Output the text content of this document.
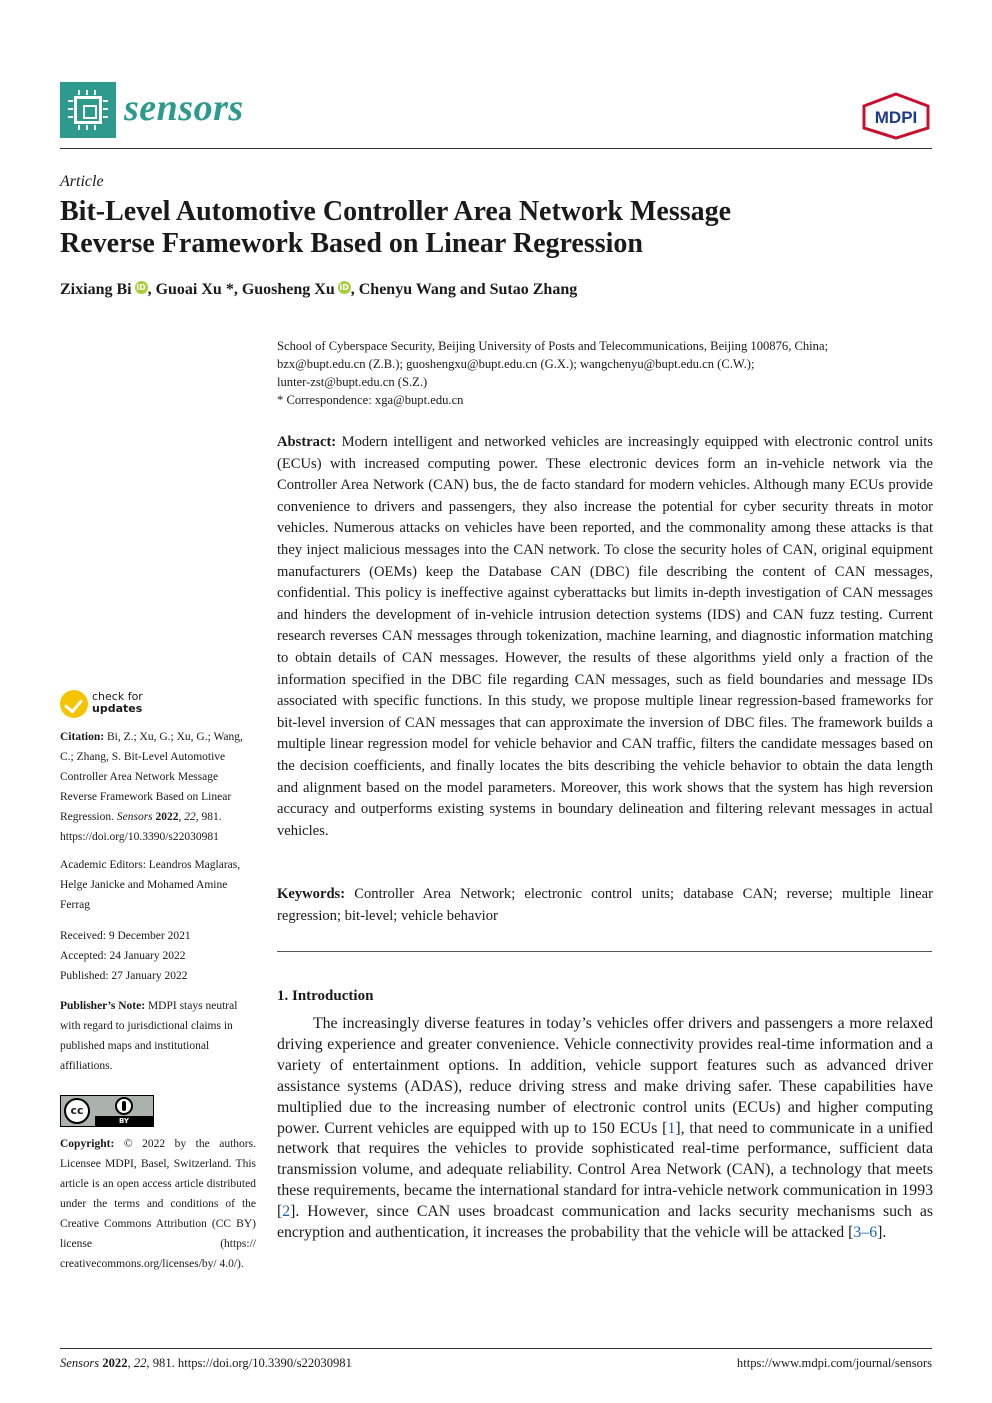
sensors	MDPI
Article
Bit-Level Automotive Controller Area Network Message
Reverse Framework Based on Linear Regression
Zixiang Bi iD , Guoai Xu *, Guosheng Xu iD , Chenyu Wang and Sutao Zhang
School of Cyberspace Security, Beijing University of Posts and Telecommunications, Beijing 100876, China;
bzx@bupt.edu.cn (Z.B.); guoshengxu@bupt.edu.cn (G.X.); wangchenyu@bupt.edu.cn (C.W.);
lunter-zst@bupt.edu.cn (S.Z.)
* Correspondence: xga@bupt.edu.cn
Abstract: Modern intelligent and networked vehicles are increasingly equipped with electronic control units (ECUs) with increased computing power. These electronic devices form an in-vehicle network via the Controller Area Network (CAN) bus, the de facto standard for modern vehicles. Although many ECUs provide convenience to drivers and passengers, they also increase the potential for cyber security threats in motor vehicles. Numerous attacks on vehicles have been reported, and the commonality among these attacks is that they inject malicious messages into the CAN network. To close the security holes of CAN, original equipment manufacturers (OEMs) keep the Database CAN (DBC) file describing the content of CAN messages, confidential. This policy is ineffective against cyberattacks but limits in-depth investigation of CAN messages and hinders the development of in-vehicle intrusion detection systems (IDS) and CAN fuzz testing. Current research reverses CAN messages through tokenization, machine learning, and diagnostic information matching to obtain details of CAN messages. However, the results of these algorithms yield only a fraction of the information specified in the DBC file regarding CAN messages, such as field boundaries and message IDs associated with specific functions. In this study, we propose multiple linear regression-based frameworks for bit-level inversion of CAN messages that can approximate the inversion of DBC files. The framework builds a multiple linear regression model for vehicle behavior and CAN traffic, filters the candidate messages based on the decision coefficients, and finally locates the bits describing the vehicle behavior to obtain the data length and alignment based on the model parameters. Moreover, this work shows that the system has high reversion accuracy and outperforms existing systems in boundary delineation and filtering relevant messages in actual vehicles.
Keywords: Controller Area Network; electronic control units; database CAN; reverse; multiple linear regression; bit-level; vehicle behavior
1. Introduction
The increasingly diverse features in today’s vehicles offer drivers and passengers a more relaxed driving experience and greater convenience. Vehicle connectivity provides real-time information and a variety of entertainment options. In addition, vehicle support features such as advanced driver assistance systems (ADAS), reduce driving stress and make driving safer. These capabilities have multiplied due to the increasing number of electronic control units (ECUs) and higher computing power. Current vehicles are equipped with up to 150 ECUs [1], that need to communicate in a unified network that requires the vehicles to provide sophisticated real-time performance, sufficient data transmission volume, and adequate reliability. Control Area Network (CAN), a technology that meets these requirements, became the international standard for intra-vehicle network communication in 1993 [2]. However, since CAN uses broadcast communication and lacks security mechanisms such as encryption and authentication, it increases the probability that the vehicle will be attacked [3–6].
check for
updates
Citation: Bi, Z.; Xu, G.; Xu, G.; Wang, C.; Zhang, S. Bit-Level Automotive Controller Area Network Message Reverse Framework Based on Linear Regression. Sensors 2022, 22, 981. https://doi.org/10.3390/s22030981
Academic Editors: Leandros Maglaras, Helge Janicke and Mohamed Amine Ferrag
Received: 9 December 2021
Accepted: 24 January 2022
Published: 27 January 2022
Publisher’s Note: MDPI stays neutral with regard to jurisdictional claims in published maps and institutional affiliations.
cc
BY
Copyright: © 2022 by the authors. Licensee MDPI, Basel, Switzerland. This article is an open access article distributed under the terms and conditions of the Creative Commons Attribution (CC BY) license (https:// creativecommons.org/licenses/by/ 4.0/).
Sensors 2022, 22, 981. https://doi.org/10.3390/s22030981	https://www.mdpi.com/journal/sensors
